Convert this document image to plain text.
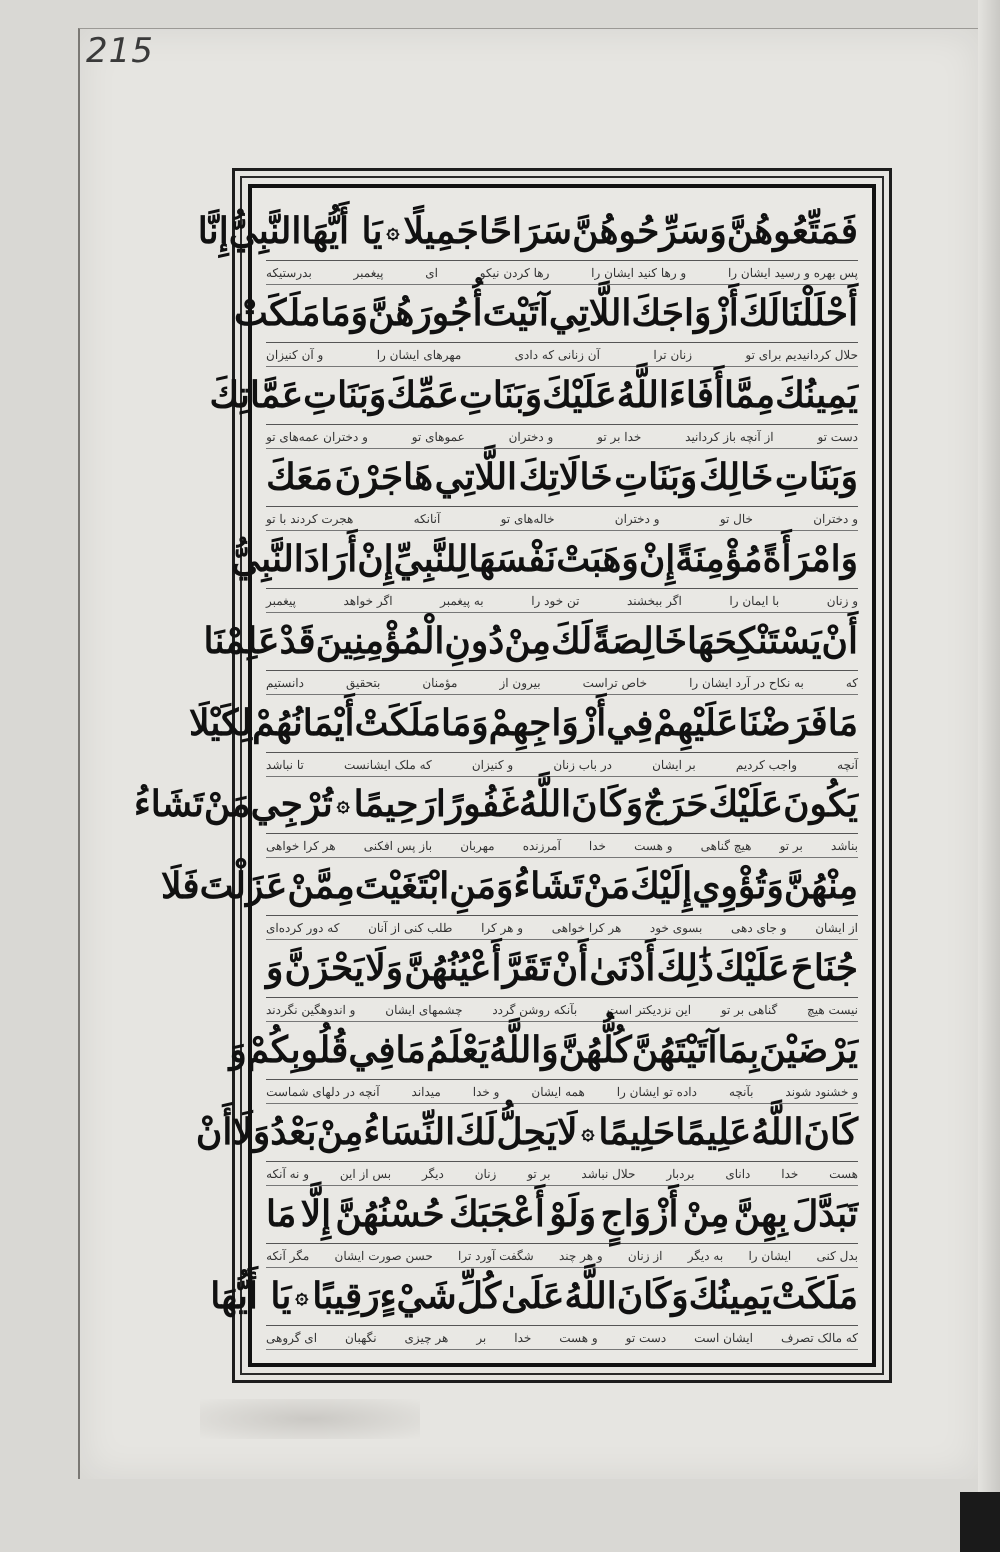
215
فَمَتِّعُوهُنَّ
وَسَرِّحُوهُنَّ
سَرَاحًا
جَمِيلًا
۞
يَا أَيُّهَا
النَّبِيُّ
إِنَّا
پس بهره و رسید ایشان را
و رها کنید ایشان را
رها کردن نیکو
ای
پیغمبر
بدرستیکه
أَحْلَلْنَا
لَكَ
أَزْوَاجَكَ
اللَّاتِي
آتَيْتَ
أُجُورَهُنَّ
وَمَا
مَلَكَتْ
حلال کردانیدیم برای تو
زنان ترا
آن زنانی که دادی
مهرهای ایشان را
و آن کنیزان
يَمِينُكَ
مِمَّا
أَفَاءَ
اللَّهُ
عَلَيْكَ
وَبَنَاتِ
عَمِّكَ
وَبَنَاتِ
عَمَّاتِكَ
دست تو
از آنچه باز کردانید
خدا بر تو
و دختران
عموهای تو
و دختران عمه‌های تو
وَبَنَاتِ
خَالِكَ
وَبَنَاتِ
خَالَاتِكَ
اللَّاتِي
هَاجَرْنَ
مَعَكَ
و دختران
خال تو
و دختران
خاله‌های تو
آنانکه
هجرت کردند با تو
وَامْرَأَةً
مُؤْمِنَةً
إِنْ
وَهَبَتْ
نَفْسَهَا
لِلنَّبِيِّ
إِنْ
أَرَادَ
النَّبِيُّ
و زنان
با ایمان را
اگر ببخشند
تن خود را
به پیغمبر
اگر خواهد
پیغمبر
أَنْ
يَسْتَنْكِحَهَا
خَالِصَةً
لَكَ
مِنْ
دُونِ
الْمُؤْمِنِينَ
قَدْ
عَلِمْنَا
که
به نکاح در آرد ایشان را
خاص تراست
بیرون از
مؤمنان
بتحقیق
دانستیم
مَا
فَرَضْنَا
عَلَيْهِمْ
فِي
أَزْوَاجِهِمْ
وَمَا
مَلَكَتْ
أَيْمَانُهُمْ
لِكَيْلَا
آنچه
واجب کردیم
بر ایشان
در باب زنان
و کنیزان
که ملک ایشانست
تا نباشد
يَكُونَ
عَلَيْكَ
حَرَجٌ
وَكَانَ
اللَّهُ
غَفُورًا
رَحِيمًا
۞
تُرْجِي
مَنْ
تَشَاءُ
بناشد
بر تو
هیچ گناهی
و هست
خدا
آمرزنده
مهربان
باز پس افکنی
هر کرا خواهی
مِنْهُنَّ
وَتُؤْوِي
إِلَيْكَ
مَنْ
تَشَاءُ
وَمَنِ
ابْتَغَيْتَ
مِمَّنْ
عَزَلْتَ
فَلَا
از ایشان
و جای دهی
بسوی خود
هر کرا خواهی
و هر کرا
طلب کنی از آنان
که دور کرده‌ای
جُنَاحَ
عَلَيْكَ
ذَٰلِكَ
أَدْنَىٰ
أَنْ
تَقَرَّ
أَعْيُنُهُنَّ
وَلَا
يَحْزَنَّ
وَ
نیست هیچ
گناهی بر تو
این نزدیکتر است
بآنکه روشن گردد
چشمهای ایشان
و اندوهگین نگردند
يَرْضَيْنَ
بِمَا
آتَيْتَهُنَّ
كُلُّهُنَّ
وَاللَّهُ
يَعْلَمُ
مَا
فِي
قُلُوبِكُمْ
وَ
و خشنود شوند
بآنچه
داده تو ایشان را
همه ایشان
و خدا
میداند
آنچه در دلهای شماست
كَانَ
اللَّهُ
عَلِيمًا
حَلِيمًا
۞
لَا
يَحِلُّ
لَكَ
النِّسَاءُ
مِنْ
بَعْدُ
وَلَا
أَنْ
هست
خدا
دانای
بردبار
حلال نباشد
بر تو
زنان
دیگر
بس از این
و نه آنکه
تَبَدَّلَ
بِهِنَّ
مِنْ
أَزْوَاجٍ
وَلَوْ
أَعْجَبَكَ
حُسْنُهُنَّ
إِلَّا
مَا
بدل کنی
ایشان را
به دیگر
از زنان
و هر چند
شگفت آورد ترا
حسن صورت ایشان
مگر آنکه
مَلَكَتْ
يَمِينُكَ
وَكَانَ
اللَّهُ
عَلَىٰ
كُلِّ
شَيْءٍ
رَقِيبًا
۞
يَا أَيُّهَا
که مالک تصرف
ایشان است
دست تو
و هست
خدا
بر
هر چیزی
نگهبان
ای گروهی
